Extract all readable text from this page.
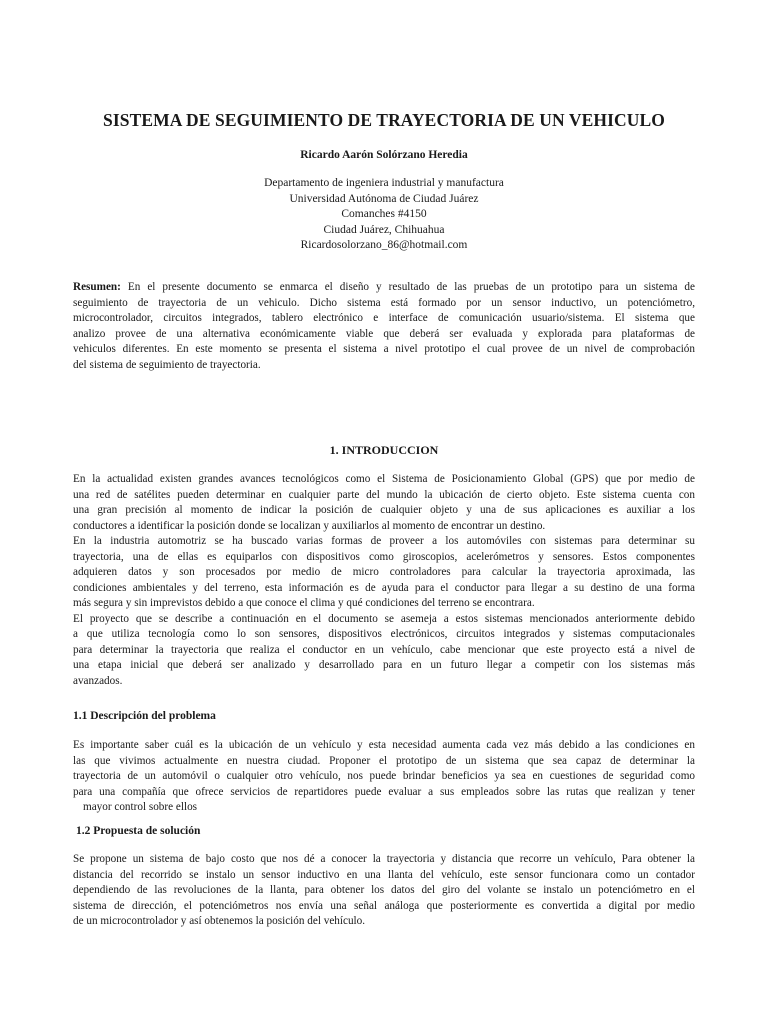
SISTEMA DE SEGUIMIENTO DE TRAYECTORIA DE UN VEHICULO
Ricardo Aarón Solórzano Heredia
Departamento de ingeniera industrial y manufactura
Universidad Autónoma de Ciudad Juárez
Comanches #4150
Ciudad Juárez, Chihuahua
Ricardosolorzano_86@hotmail.com
Resumen: En el presente documento se enmarca el diseño y resultado de las pruebas de un prototipo para un sistema de
seguimiento de trayectoria de un vehiculo. Dicho sistema está formado por un sensor inductivo, un potenciómetro,
microcontrolador, circuitos integrados, tablero electrónico e interface de comunicación usuario/sistema. El sistema que
analizo provee de una alternativa económicamente viable que deberá ser evaluada y explorada para plataformas de
vehiculos diferentes. En este momento se presenta el sistema a nivel prototipo el cual provee de un nivel de comprobación
del sistema de seguimiento de trayectoria.
1. INTRODUCCION
En la actualidad existen grandes avances tecnológicos como el Sistema de Posicionamiento Global (GPS) que por medio de
una red de satélites pueden determinar en cualquier parte del mundo la ubicación de cierto objeto. Este sistema cuenta con
una gran precisión al momento de indicar la posición de cualquier objeto y una de sus aplicaciones es auxiliar a los
conductores a identificar la posición donde se localizan y auxiliarlos al momento de encontrar un destino.
En la industria automotriz se ha buscado varias formas de proveer a los automóviles con sistemas para determinar su
trayectoria, una de ellas es equiparlos con dispositivos como giroscopios, acelerómetros y sensores. Estos componentes
adquieren datos y son procesados por medio de micro controladores para calcular la trayectoria aproximada, las
condiciones ambientales y del terreno, esta información es de ayuda para el conductor para llegar a su destino de una forma
más segura y sin imprevistos debido a que conoce el clima y qué condiciones del terreno se encontrara.
El proyecto que se describe a continuación en el documento se asemeja a estos sistemas mencionados anteriormente debido
a que utiliza tecnología como lo son sensores, dispositivos electrónicos, circuitos integrados y sistemas computacionales
para determinar la trayectoria que realiza el conductor en un vehículo, cabe mencionar que este proyecto está a nivel de
una etapa inicial que deberá ser analizado y desarrollado para en un futuro llegar a competir con los sistemas más
avanzados.
1.1 Descripción del problema
Es importante saber cuál es la ubicación de un vehículo y esta necesidad aumenta cada vez más debido a las condiciones en
las que vivimos actualmente en nuestra ciudad. Proponer el prototipo de un sistema que sea capaz de determinar la
trayectoria de un automóvil o cualquier otro vehículo, nos puede brindar beneficios ya sea en cuestiones de seguridad como
para una compañía que ofrece servicios de repartidores puede evaluar a sus empleados sobre las rutas que realizan y tener
mayor control sobre ellos
1.2 Propuesta de solución
Se propone un sistema de bajo costo que nos dé a conocer la trayectoria y distancia que recorre un vehículo, Para obtener la
distancia del recorrido se instalo un sensor inductivo en una llanta del vehículo, este sensor funcionara como un contador
dependiendo de las revoluciones de la llanta, para obtener los datos del giro del volante se instalo un potenciómetro en el
sistema de dirección, el potenciómetros nos envía una señal análoga que posteriormente es convertida a digital por medio
de un microcontrolador y así obtenemos la posición del vehículo.
